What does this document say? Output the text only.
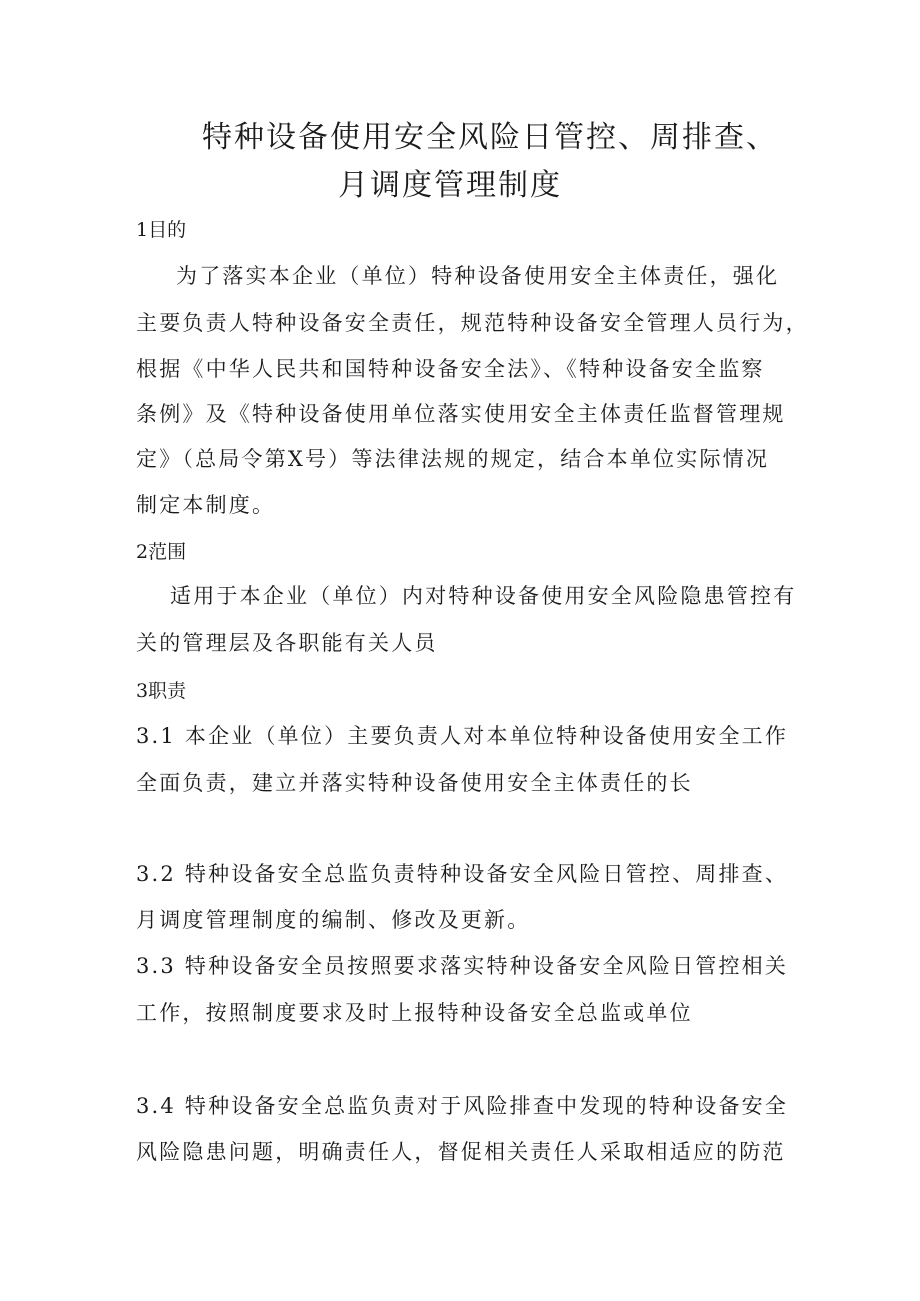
特种设备使用安全风险日管控、周排查、
月调度管理制度
1目的
为了落实本企业（单位）特种设备使用安全主体责任，强化
主要负责人特种设备安全责任，规范特种设备安全管理人员行为，
根据《中华人民共和国特种设备安全法》、《特种设备安全监察
条例》及《特种设备使用单位落实使用安全主体责任监督管理规
定》（总局令第X号）等法律法规的规定，结合本单位实际情况
制定本制度。
2范围
适用于本企业（单位）内对特种设备使用安全风险隐患管控有
关的管理层及各职能有关人员
3职责
3.1 本企业（单位）主要负责人对本单位特种设备使用安全工作
全面负责，建立并落实特种设备使用安全主体责任的长
3.2 特种设备安全总监负责特种设备安全风险日管控、周排查、
月调度管理制度的编制、修改及更新。
3.3 特种设备安全员按照要求落实特种设备安全风险日管控相关
工作，按照制度要求及时上报特种设备安全总监或单位
3.4 特种设备安全总监负责对于风险排查中发现的特种设备安全
风险隐患问题，明确责任人，督促相关责任人采取相适应的防范
